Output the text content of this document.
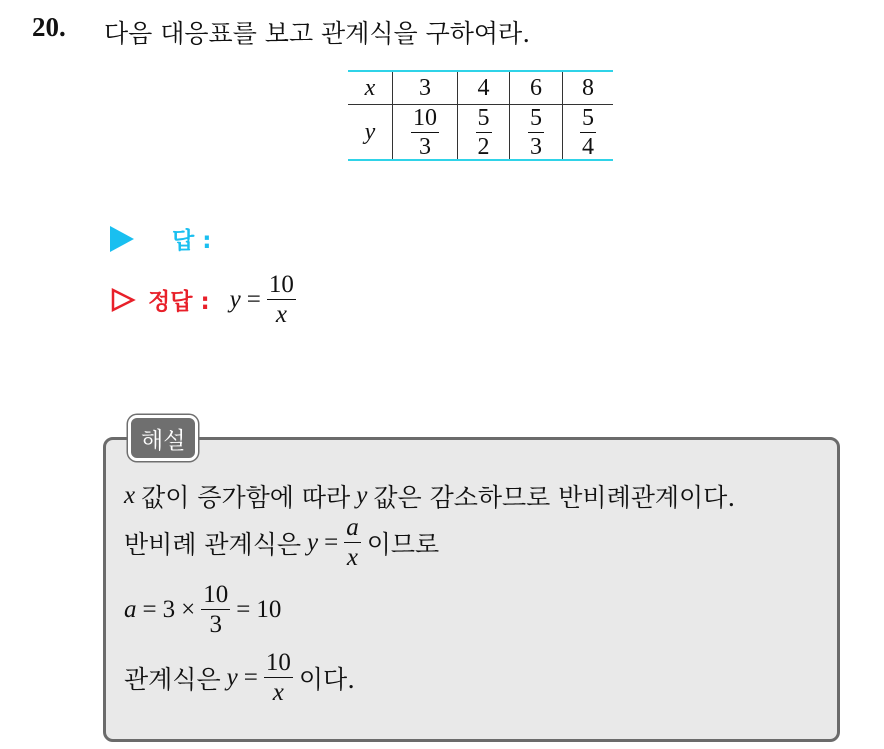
20. 다음 대응표를 보고 관계식을 구하여라.
x	3	4	6	8
y	$\frac{10}{3}$	$\frac{5}{2}$	$\frac{5}{3}$	$\frac{5}{4}$
답 :
정답 : $y = \frac{10}{x}$
해설
x 값이 증가함에 따라 y 값은 감소하므로 반비례관계이다.
반비례 관계식은 $y = \frac{a}{x}$ 이므로
$a = 3 \times \frac{10}{3} = 10$
관계식은 $y = \frac{10}{x}$ 이다.
